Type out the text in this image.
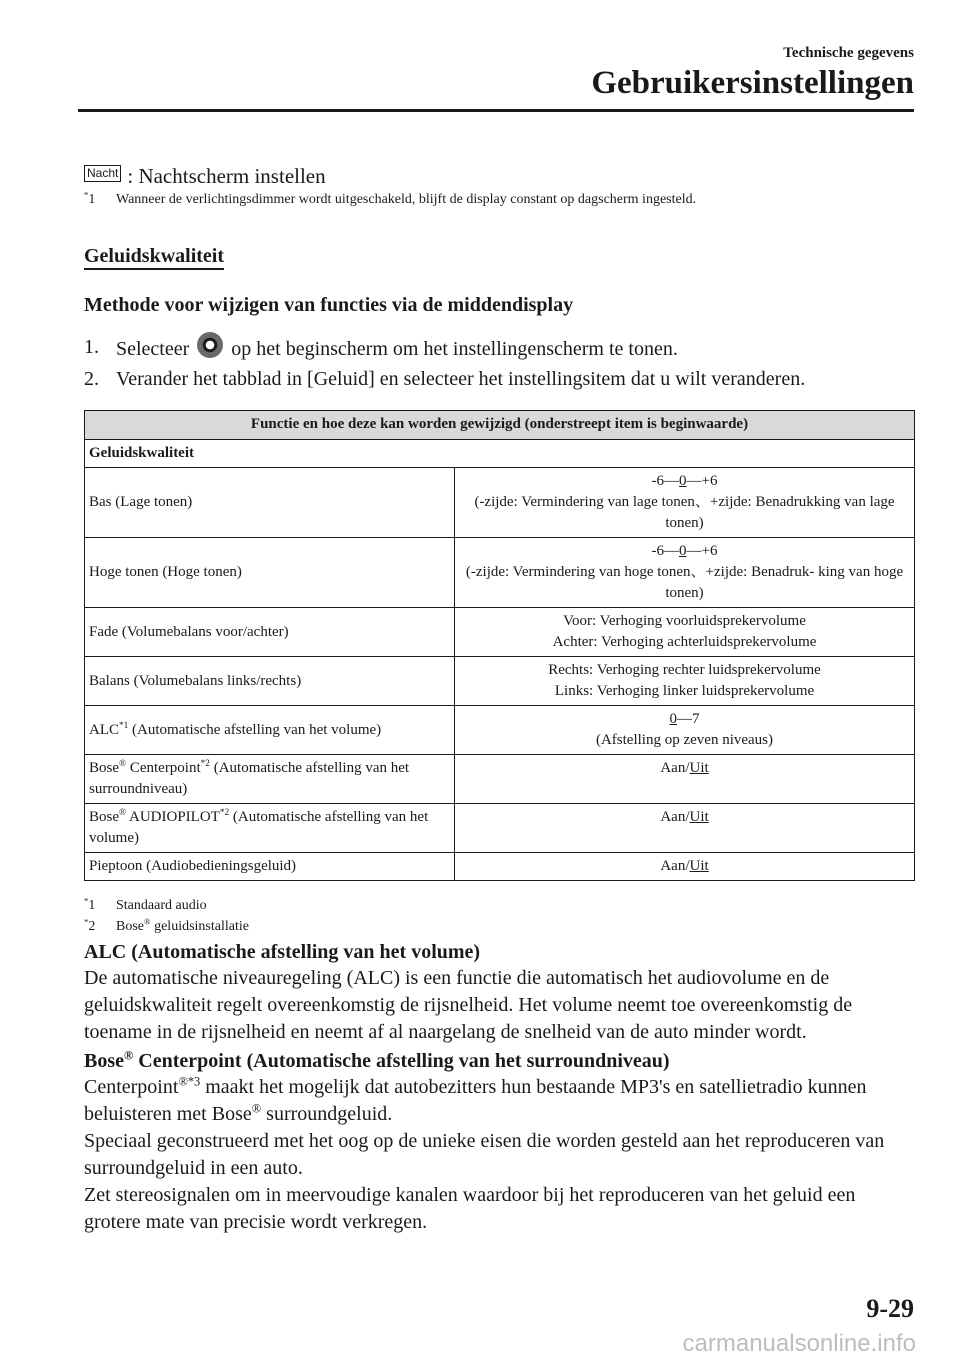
Technische gegevens
Gebruikersinstellingen
Nacht : Nachtscherm instellen
*1 Wanneer de verlichtingsdimmer wordt uitgeschakeld, blijft de display constant op dagscherm ingesteld.
Geluidskwaliteit
Methode voor wijzigen van functies via de middendisplay
1. Selecteer op het beginscherm om het instellingenscherm te tonen.
2. Verander het tabblad in [Geluid] en selecteer het instellingsitem dat u wilt veranderen.
Functie en hoe deze kan worden gewijzigd (onderstreept item is beginwaarde)	
Geluidskwaliteit	
Bas (Lage tonen)	-6—0—+6
(-zijde: Vermindering van lage tonen、+zijde: Benadrukking van lage tonen)

Hoge tonen (Hoge tonen)	-6—0—+6
(-zijde: Vermindering van hoge tonen、+zijde: Benadruk- king van hoge tonen)

Fade (Volumebalans voor/achter)	Voor: Verhoging voorluidsprekervolume
Achter: Verhoging achterluidsprekervolume

Balans (Volumebalans links/rechts)	Rechts: Verhoging rechter luidsprekervolume
Links: Verhoging linker luidsprekervolume

ALC$^{*1}$ (Automatische afstelling van het volume)	0—7
(Afstelling op zeven niveaus)

Bose® Centerpoint$^{*2}$ (Automatische afstelling van het surroundniveau)	Aan/Uit
Bose® AUDIOPILOT$^{*2}$ (Automatische afstelling van het volume)	Aan/Uit
Pieptoon (Audiobedieningsgeluid)	Aan/Uit
*1 Standaard audio
*2 Bose® geluidsinstallatie
ALC (Automatische afstelling van het volume)
De automatische niveauregeling (ALC) is een functie die automatisch het audiovolume en de geluidskwaliteit regelt overeenkomstig de rijsnelheid. Het volume neemt toe overeenkomstig de toename in de rijsnelheid en neemt af al naargelang de snelheid van de auto minder wordt.
Bose® Centerpoint (Automatische afstelling van het surroundniveau)
Centerpoint$^{®*3}$ maakt het mogelijk dat autobezitters hun bestaande MP3's en satellietradio kunnen beluisteren met Bose® surroundgeluid.
Speciaal geconstrueerd met het oog op de unieke eisen die worden gesteld aan het reproduceren van surroundgeluid in een auto.
Zet stereosignalen om in meervoudige kanalen waardoor bij het reproduceren van het geluid een grotere mate van precisie wordt verkregen.
9-29
carmanualsonline.info
